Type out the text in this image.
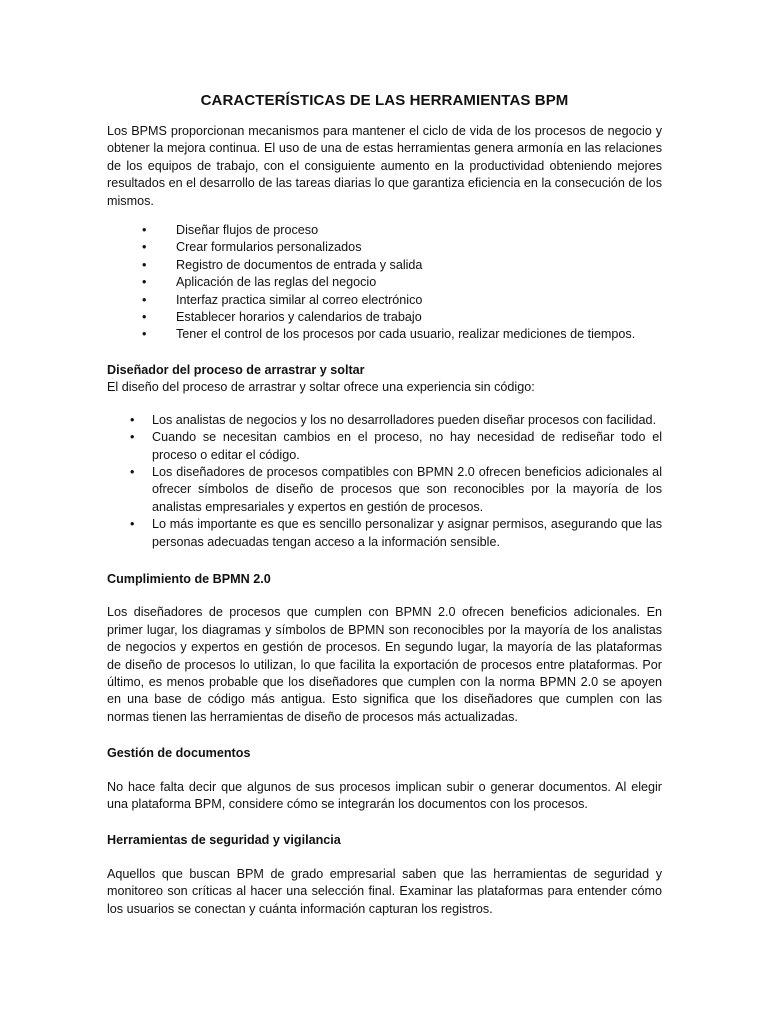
CARACTERÍSTICAS DE LAS HERRAMIENTAS BPM

Los BPMS proporcionan mecanismos para mantener el ciclo de vida de los procesos de negocio y obtener la mejora continua. El uso de una de estas herramientas genera armonía en las relaciones de los equipos de trabajo, con el consiguiente aumento en la productividad obteniendo mejores resultados en el desarrollo de las tareas diarias lo que garantiza eficiencia en la consecución de los mismos.

• Diseñar flujos de proceso
• Crear formularios personalizados
• Registro de documentos de entrada y salida
• Aplicación de las reglas del negocio
• Interfaz practica similar al correo electrónico
• Establecer horarios y calendarios de trabajo
• Tener el control de los procesos por cada usuario, realizar mediciones de tiempos.
Diseñador del proceso de arrastrar y soltar

El diseño del proceso de arrastrar y soltar ofrece una experiencia sin código:

• Los analistas de negocios y los no desarrolladores pueden diseñar procesos con facilidad.
• Cuando se necesitan cambios en el proceso, no hay necesidad de rediseñar todo el proceso o editar el código.
• Los diseñadores de procesos compatibles con BPMN 2.0 ofrecen beneficios adicionales al ofrecer símbolos de diseño de procesos que son reconocibles por la mayoría de los analistas empresariales y expertos en gestión de procesos.
• Lo más importante es que es sencillo personalizar y asignar permisos, asegurando que las personas adecuadas tengan acceso a la información sensible.
Cumplimiento de BPMN 2.0

Los diseñadores de procesos que cumplen con BPMN 2.0 ofrecen beneficios adicionales. En primer lugar, los diagramas y símbolos de BPMN son reconocibles por la mayoría de los analistas de negocios y expertos en gestión de procesos. En segundo lugar, la mayoría de las plataformas de diseño de procesos lo utilizan, lo que facilita la exportación de procesos entre plataformas. Por último, es menos probable que los diseñadores que cumplen con la norma BPMN 2.0 se apoyen en una base de código más antigua. Esto significa que los diseñadores que cumplen con las normas tienen las herramientas de diseño de procesos más actualizadas.

Gestión de documentos

No hace falta decir que algunos de sus procesos implican subir o generar documentos. Al elegir una plataforma BPM, considere cómo se integrarán los documentos con los procesos.

Herramientas de seguridad y vigilancia

Aquellos que buscan BPM de grado empresarial saben que las herramientas de seguridad y monitoreo son críticas al hacer una selección final. Examinar las plataformas para entender cómo los usuarios se conectan y cuánta información capturan los registros.
